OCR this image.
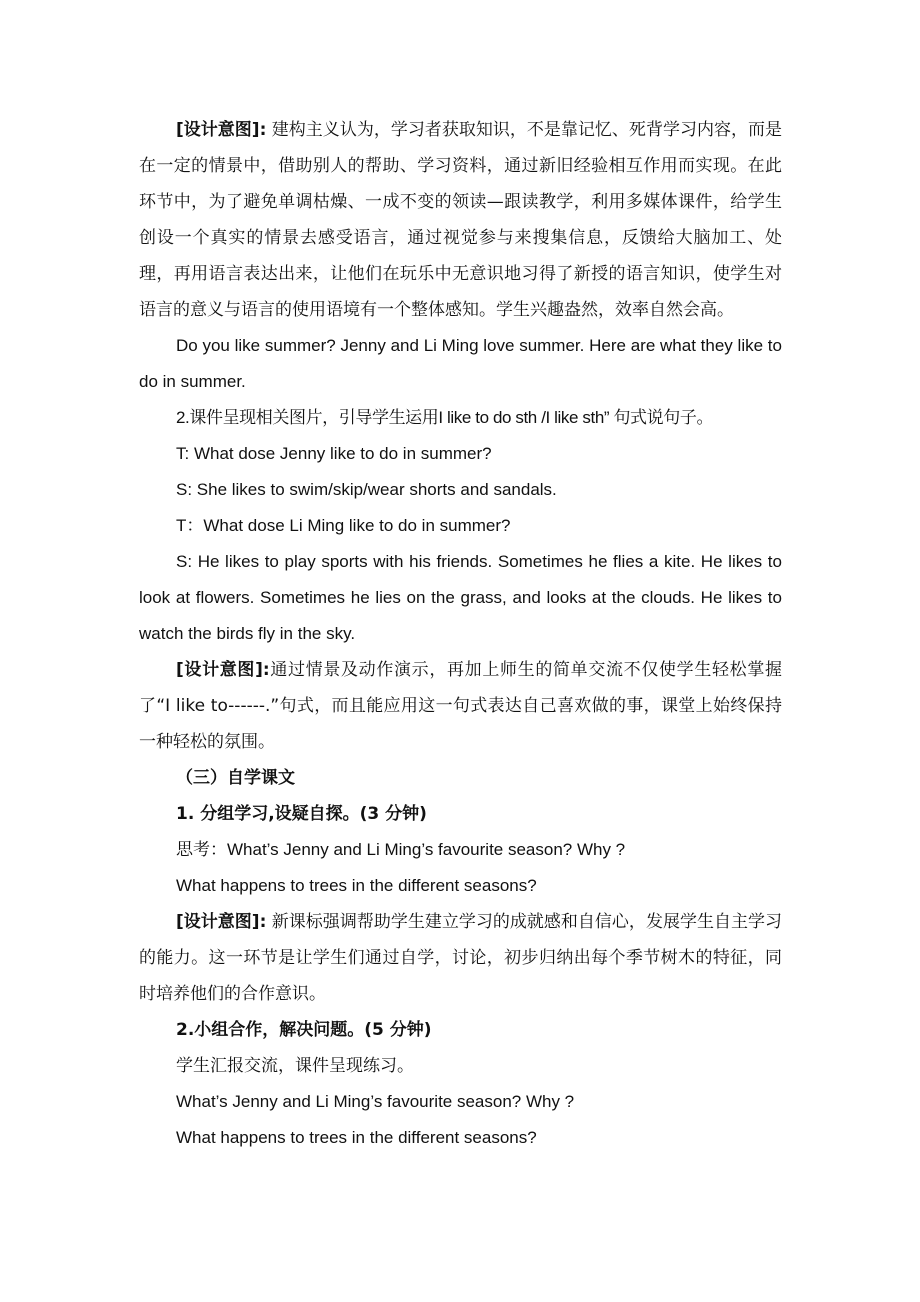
[设计意图]: 建构主义认为，学习者获取知识，不是靠记忆、死背学习内容，而是在一定的情景中，借助别人的帮助、学习资料，通过新旧经验相互作用而实现。在此环节中，为了避免单调枯燥、一成不变的领读—跟读教学，利用多媒体课件，给学生创设一个真实的情景去感受语言，通过视觉参与来搜集信息，反馈给大脑加工、处理，再用语言表达出来，让他们在玩乐中无意识地习得了新授的语言知识，使学生对语言的意义与语言的使用语境有一个整体感知。学生兴趣盎然，效率自然会高。

Do you like summer? Jenny and Li Ming love summer. Here are what they like to do in summer.

2.课件呈现相关图片，引导学生运用I like to do sth /I like sth” 句式说句子。

T: What dose Jenny like to do in summer?

S: She likes to swim/skip/wear shorts and sandals.

T：What dose Li Ming like to do in summer?

S: He likes to play sports with his friends. Sometimes he flies a kite. He likes to look at flowers. Sometimes he lies on the grass, and looks at the clouds. He likes to watch the birds fly in the sky.

[设计意图]:通过情景及动作演示，再加上师生的简单交流不仅使学生轻松掌握了“I like to------.”句式，而且能应用这一句式表达自己喜欢做的事，课堂上始终保持一种轻松的氛围。

（三）自学课文

1. 分组学习,设疑自探。(3 分钟)

思考：What’s Jenny and Li Ming’s favourite season? Why ?

What happens to trees in the different seasons?

[设计意图]: 新课标强调帮助学生建立学习的成就感和自信心，发展学生自主学习的能力。这一环节是让学生们通过自学，讨论，初步归纳出每个季节树木的特征，同时培养他们的合作意识。

2.小组合作，解决问题。(5 分钟)

学生汇报交流，课件呈现练习。

What’s Jenny and Li Ming’s favourite season? Why ?

What happens to trees in the different seasons?
